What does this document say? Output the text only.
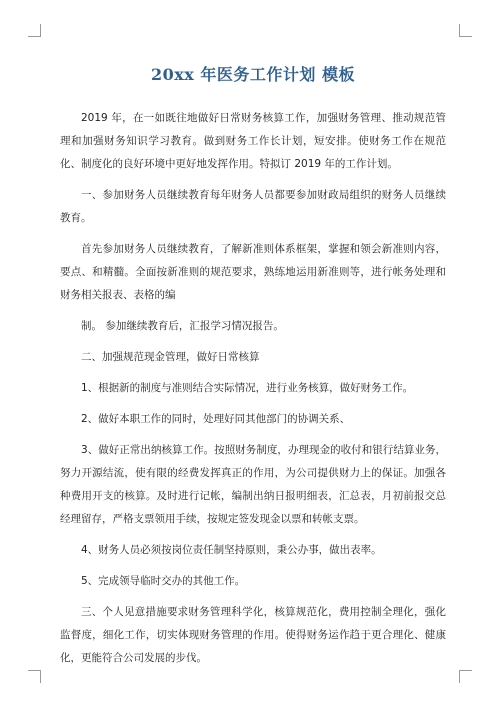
20xx 年医务工作计划 模板

2019 年，在一如既往地做好日常财务核算工作，加强财务管理、推动规范管理和加强财务知识学习教育。做到财务工作长计划，短安排。使财务工作在规范化、制度化的良好环境中更好地发挥作用。特拟订 2019 年的工作计划。

一、参加财务人员继续教育每年财务人员都要参加财政局组织的财务人员继续教育。

首先参加财务人员继续教育，了解新准则体系框架，掌握和领会新准则内容，要点、和精髓。全面按新准则的规范要求，熟练地运用新准则等，进行帐务处理和财务相关报表、表格的编

制。 参加继续教育后，汇报学习情况报告。

二、加强规范现金管理，做好日常核算

1、根据新的制度与准则结合实际情况，进行业务核算，做好财务工作。

2、做好本职工作的同时，处理好同其他部门的协调关系、

3、做好正常出纳核算工作。按照财务制度，办理现金的收付和银行结算业务，努力开源结流，使有限的经费发挥真正的作用，为公司提供财力上的保证。加强各种费用开支的核算。及时进行记帐，编制出纳日报明细表，汇总表，月初前报交总经理留存，严格支票领用手续，按规定签发现金以票和转帐支票。

4、财务人员必须按岗位责任制坚持原则，秉公办事，做出表率。

5、完成领导临时交办的其他工作。

三、个人见意措施要求财务管理科学化，核算规范化，费用控制全理化，强化监督度，细化工作，切实体现财务管理的作用。使得财务运作趋于更合理化、健康化，更能符合公司发展的步伐。
